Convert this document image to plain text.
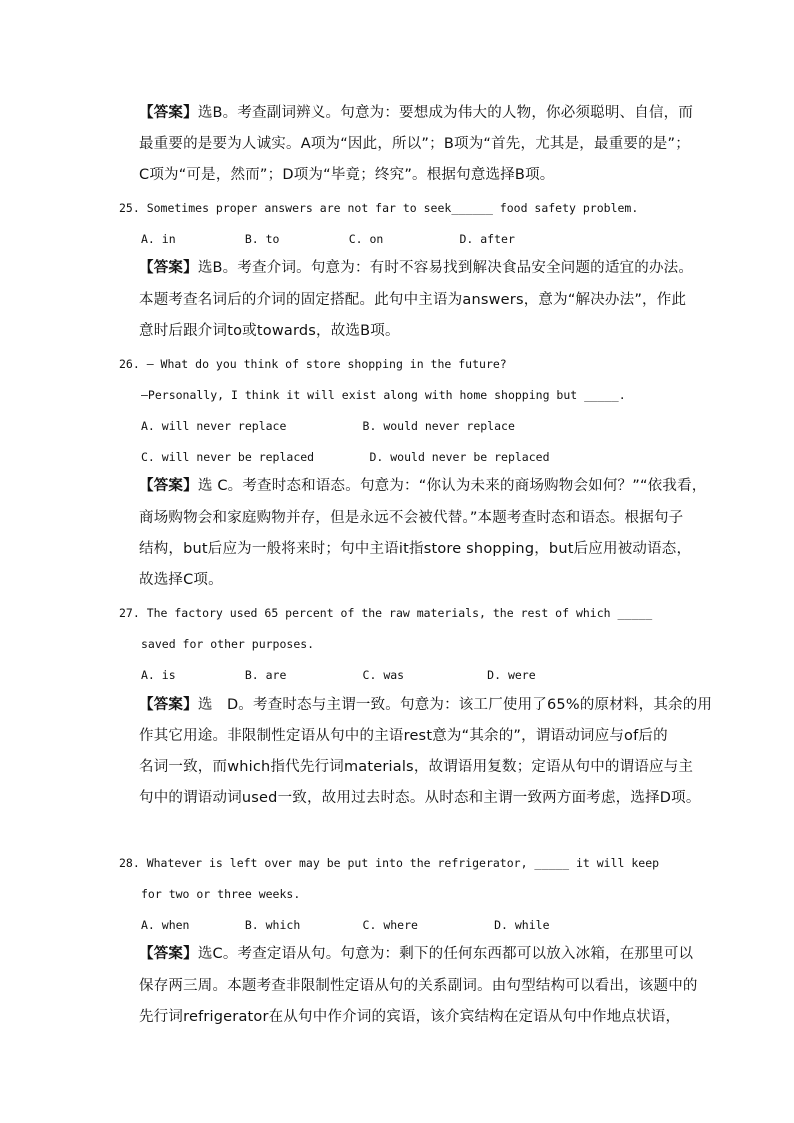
【答案】选B。考查副词辨义。句意为：要想成为伟大的人物，你必须聪明、自信，而
最重要的是要为人诚实。A项为“因此，所以”；B项为“首先，尤其是，最重要的是”；
C项为“可是，然而”；D项为“毕竟；终究”。根据句意选择B项。
25. Sometimes proper answers are not far to seek______ food safety problem.
A. in          B. to          C. on           D. after
【答案】选B。考查介词。句意为：有时不容易找到解决食品安全问题的适宜的办法。
本题考查名词后的介词的固定搭配。此句中主语为answers，意为“解决办法”，作此
意时后跟介词to或towards，故选B项。
26. — What do you think of store shopping in the future?
—Personally, I think it will exist along with home shopping but _____.
A. will never replace           B. would never replace
C. will never be replaced        D. would never be replaced
【答案】选 C。考查时态和语态。句意为：“你认为未来的商场购物会如何？”“依我看，
商场购物会和家庭购物并存，但是永远不会被代替。”本题考查时态和语态。根据句子
结构，but后应为一般将来时；句中主语it指store shopping，but后应用被动语态，
故选择C项。
27. The factory used 65 percent of the raw materials, the rest of which _____
saved for other purposes.
A. is          B. are           C. was            D. were
【答案】选   D。考查时态与主谓一致。句意为：该工厂使用了65%的原材料，其余的用
作其它用途。非限制性定语从句中的主语rest意为“其余的”，谓语动词应与of后的
名词一致，而which指代先行词materials，故谓语用复数；定语从句中的谓语应与主
句中的谓语动词used一致，故用过去时态。从时态和主谓一致两方面考虑，选择D项。
28. Whatever is left over may be put into the refrigerator, _____ it will keep
for two or three weeks.
A. when        B. which         C. where           D. while
【答案】选C。考查定语从句。句意为：剩下的任何东西都可以放入冰箱，在那里可以
保存两三周。本题考查非限制性定语从句的关系副词。由句型结构可以看出，该题中的
先行词refrigerator在从句中作介词的宾语，该介宾结构在定语从句中作地点状语，
